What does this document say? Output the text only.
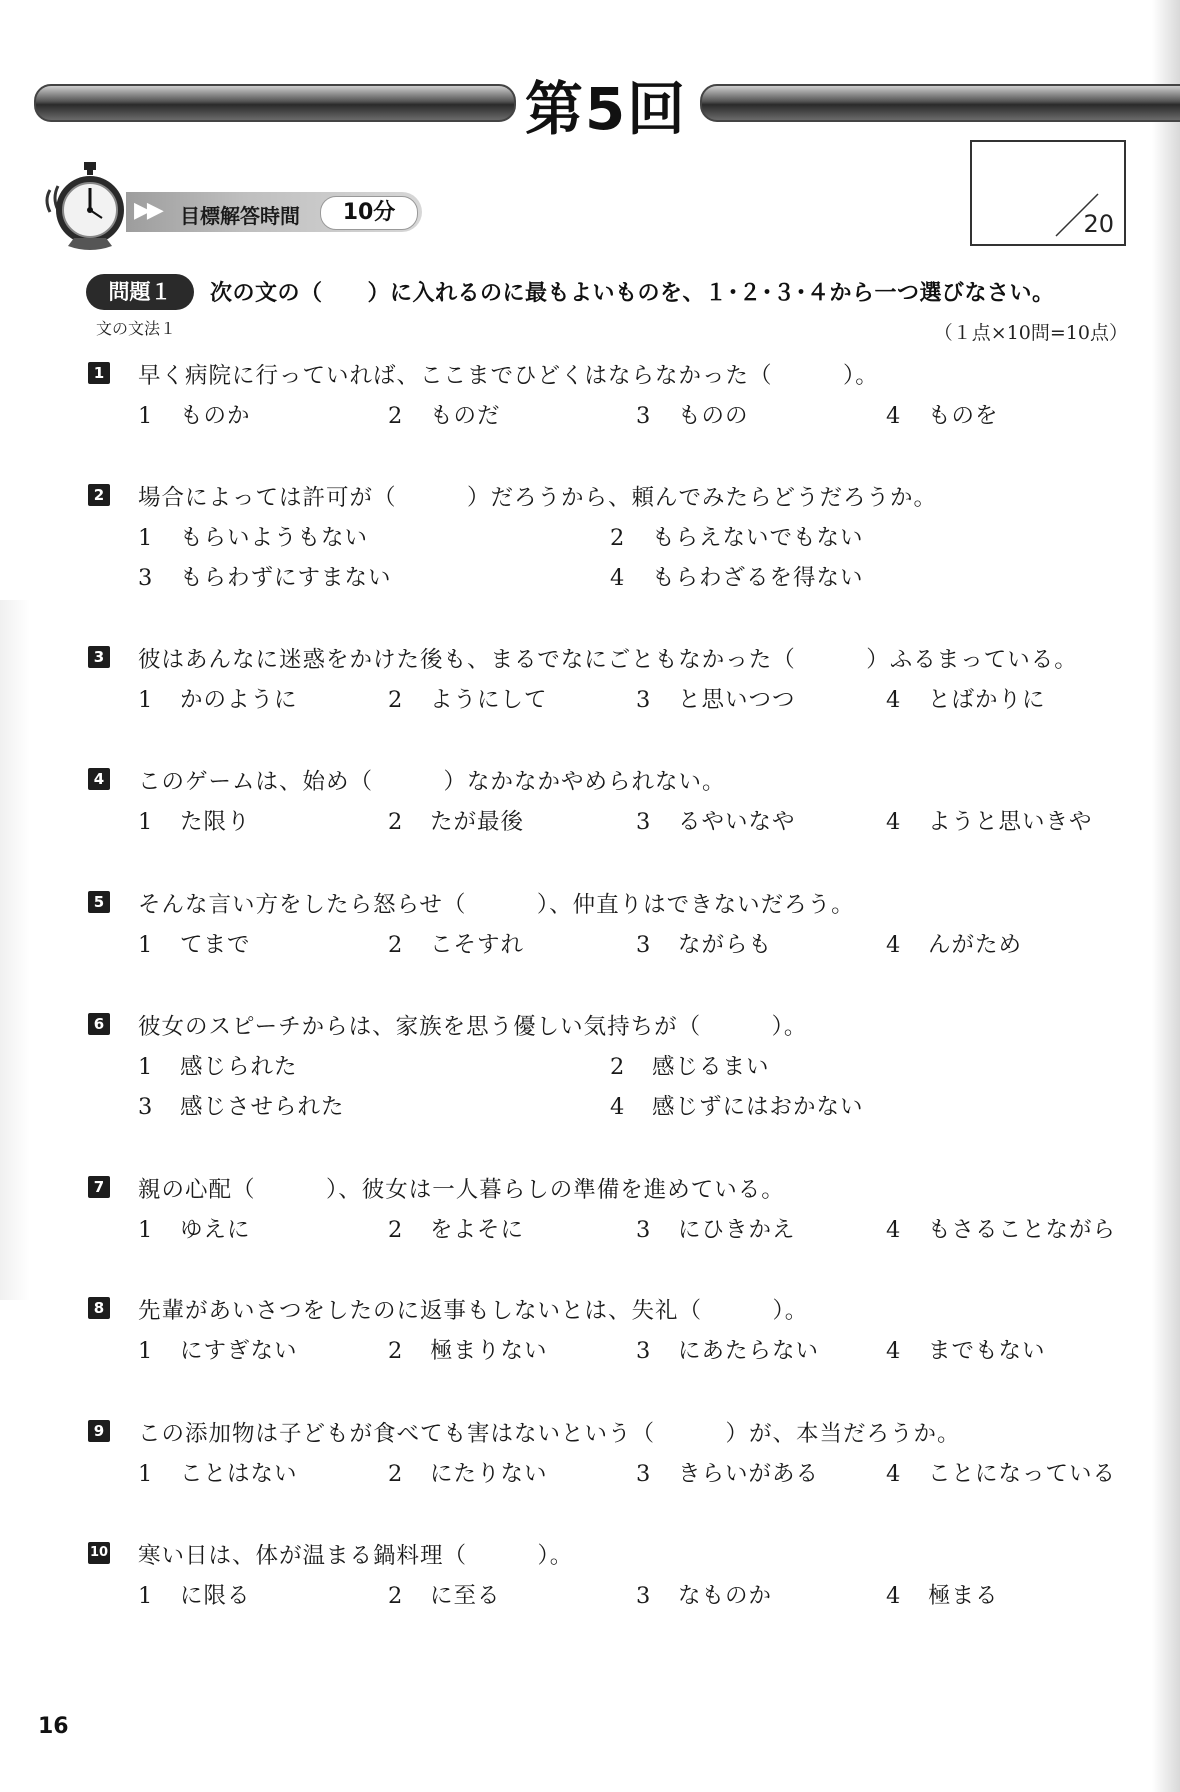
第5回
▶▶ 目標解答時間	10分	20
問題１	次の文の（　　）に入れるのに最もよいものを、１･２･３･４から一つ選びなさい。
文の文法１	（１点×10問=10点）
1 早く病院に行っていれば、ここまでひどくはならなかった（　　　）。
1 ものか	2 ものだ	3 ものの	4 ものを
2 場合によっては許可が（　　　）だろうから、頼んでみたらどうだろうか。
1 もらいようもない	2 もらえないでもない
3 もらわずにすまない	4 もらわざるを得ない
3 彼はあんなに迷惑をかけた後も、まるでなにごともなかった（　　　）ふるまっている。
1 かのように	2 ようにして	3 と思いつつ	4 とばかりに
4 このゲームは、始め（　　　）なかなかやめられない。
1 た限り	2 たが最後	3 るやいなや	4 ようと思いきや
5 そんな言い方をしたら怒らせ（　　　）、仲直りはできないだろう。
1 てまで	2 こそすれ	3 ながらも	4 んがため
6 彼女のスピーチからは、家族を思う優しい気持ちが（　　　）。
1 感じられた	2 感じるまい
3 感じさせられた	4 感じずにはおかない
7 親の心配（　　　）、彼女は一人暮らしの準備を進めている。
1 ゆえに	2 をよそに	3 にひきかえ	4 もさることながら
8 先輩があいさつをしたのに返事もしないとは、失礼（　　　）。
1 にすぎない	2 極まりない	3 にあたらない	4 までもない
9 この添加物は子どもが食べても害はないという（　　　）が、本当だろうか。
1 ことはない	2 にたりない	3 きらいがある	4 ことになっている
10 寒い日は、体が温まる鍋料理（　　　）。
1 に限る	2 に至る	3 なものか	4 極まる
16
